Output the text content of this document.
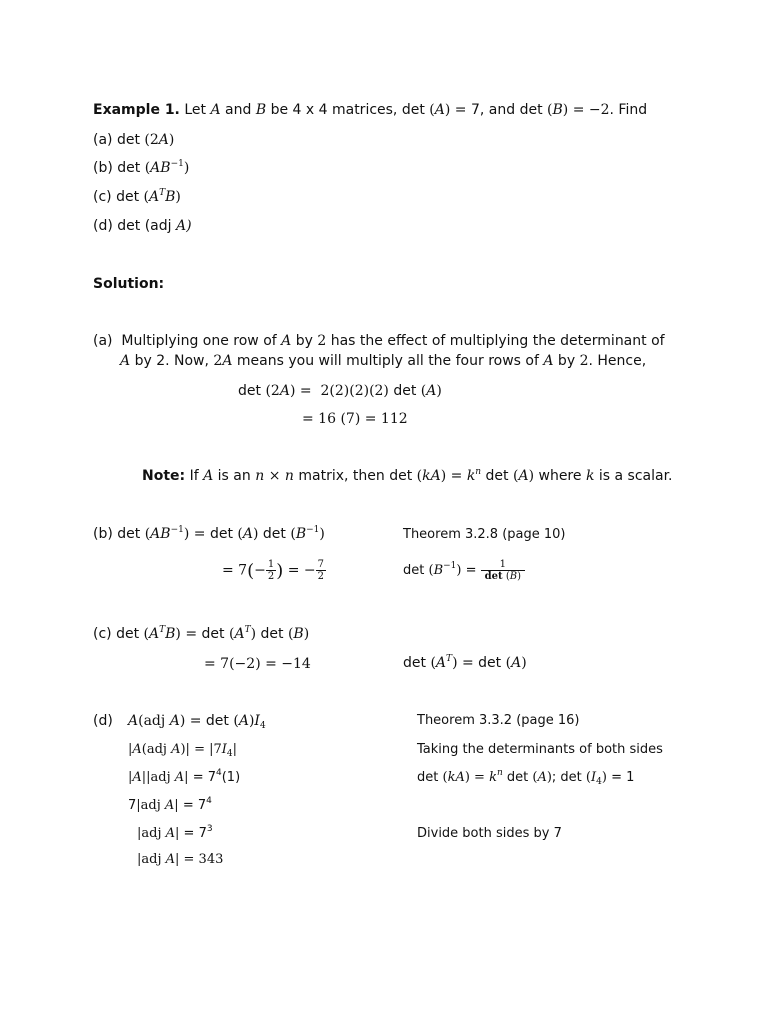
Example 1. Let A and B be 4 x 4 matrices, det (A) = 7, and det (B) = −2. Find
(a) det (2A)
(b) $\det (AB^{-1})$
(c) $\det (A^TB)$
(d) det (adj A)
Solution:
(a)  Multiplying one row of A by 2 has the effect of multiplying the determinant of
A by 2. Now, 2A means you will multiply all the four rows of A by 2. Hence,
det (2A) =  2(2)(2)(2) det (A)
= 16 (7) = 112
Note: If A is an n × n matrix, then $\det (kA) = k^n$ det (A) where k is a scalar.
(b) $\det (AB^{-1}) = \det (A)$ $\det (B^{-1})$
= $7(- \frac{1}{2}$ ) = − $\frac{7}{2}$
Theorem 3.2.8 (page 10)
$\det (B^{-1}) = \frac{1}{\det (B)}$
(c) $\det (A^TB) = \det (A^T)$ det (B)
= 7(−2) = −14	$\det (A^T) = \det (A)$
(d) A(adj $A) = \det (A)I_4$
|A(adj $A)| = |7I_4|$
|A||adj $A| = 7^4(1)$
7|adj $A| = 7^4$
|adj $A| = 7^3$
|adj A| = 343
Theorem 3.3.2 (page 16)
Taking the determinants of both sides
$\det (kA) = k^n$ det (A); $\det (I_4) = 1$
Divide both sides by 7
